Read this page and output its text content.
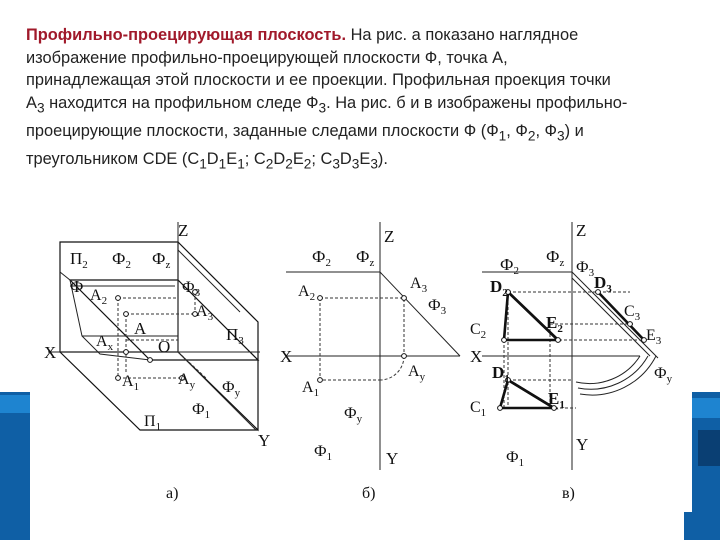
Профильно-проецирующая плоскость. На рис. а показано наглядное
изображение профильно-проецирующей плоскости Ф, точка А,
принадлежащая этой плоскости и ее проекции. Профильная проекция точки
$А_3$ находится на профильном следе $Ф_3$. На рис. б и в изображены профильно-
проецирующие плоскости, заданные следами плоскости Ф ($Ф_1$, $Ф_2$, $Ф_3$) и
треугольником CDE ($C_1D_1E_1$; $C_2D_2E_2$; $C_3D_3E_3$).
Z
$П_2$ $Ф_2$ $Ф_z$
Ф $А_2$
$Ф_3$
$А_3$
А	$П_3$
X
$А_x$	O
$А_1$ $А_y$ $Ф_y$
$Ф_1$
$П_1$
Y
а)
Z
$Ф_2$ $Ф_z$
$А_2$
$А_3$
$Ф_3$
X
$А_y$
$А_1$
$Ф_y$
$Ф_1$	Y
б)
Z
$Ф_2$
$Ф_z$ $Ф_3$
$D_2$
$D_3$
$C_3$
$C_2$
$E_2$	$E_3$
X
$D_1$	$Ф_y$
$C_1$
$E_1$
Y
$Ф_1$
в)
